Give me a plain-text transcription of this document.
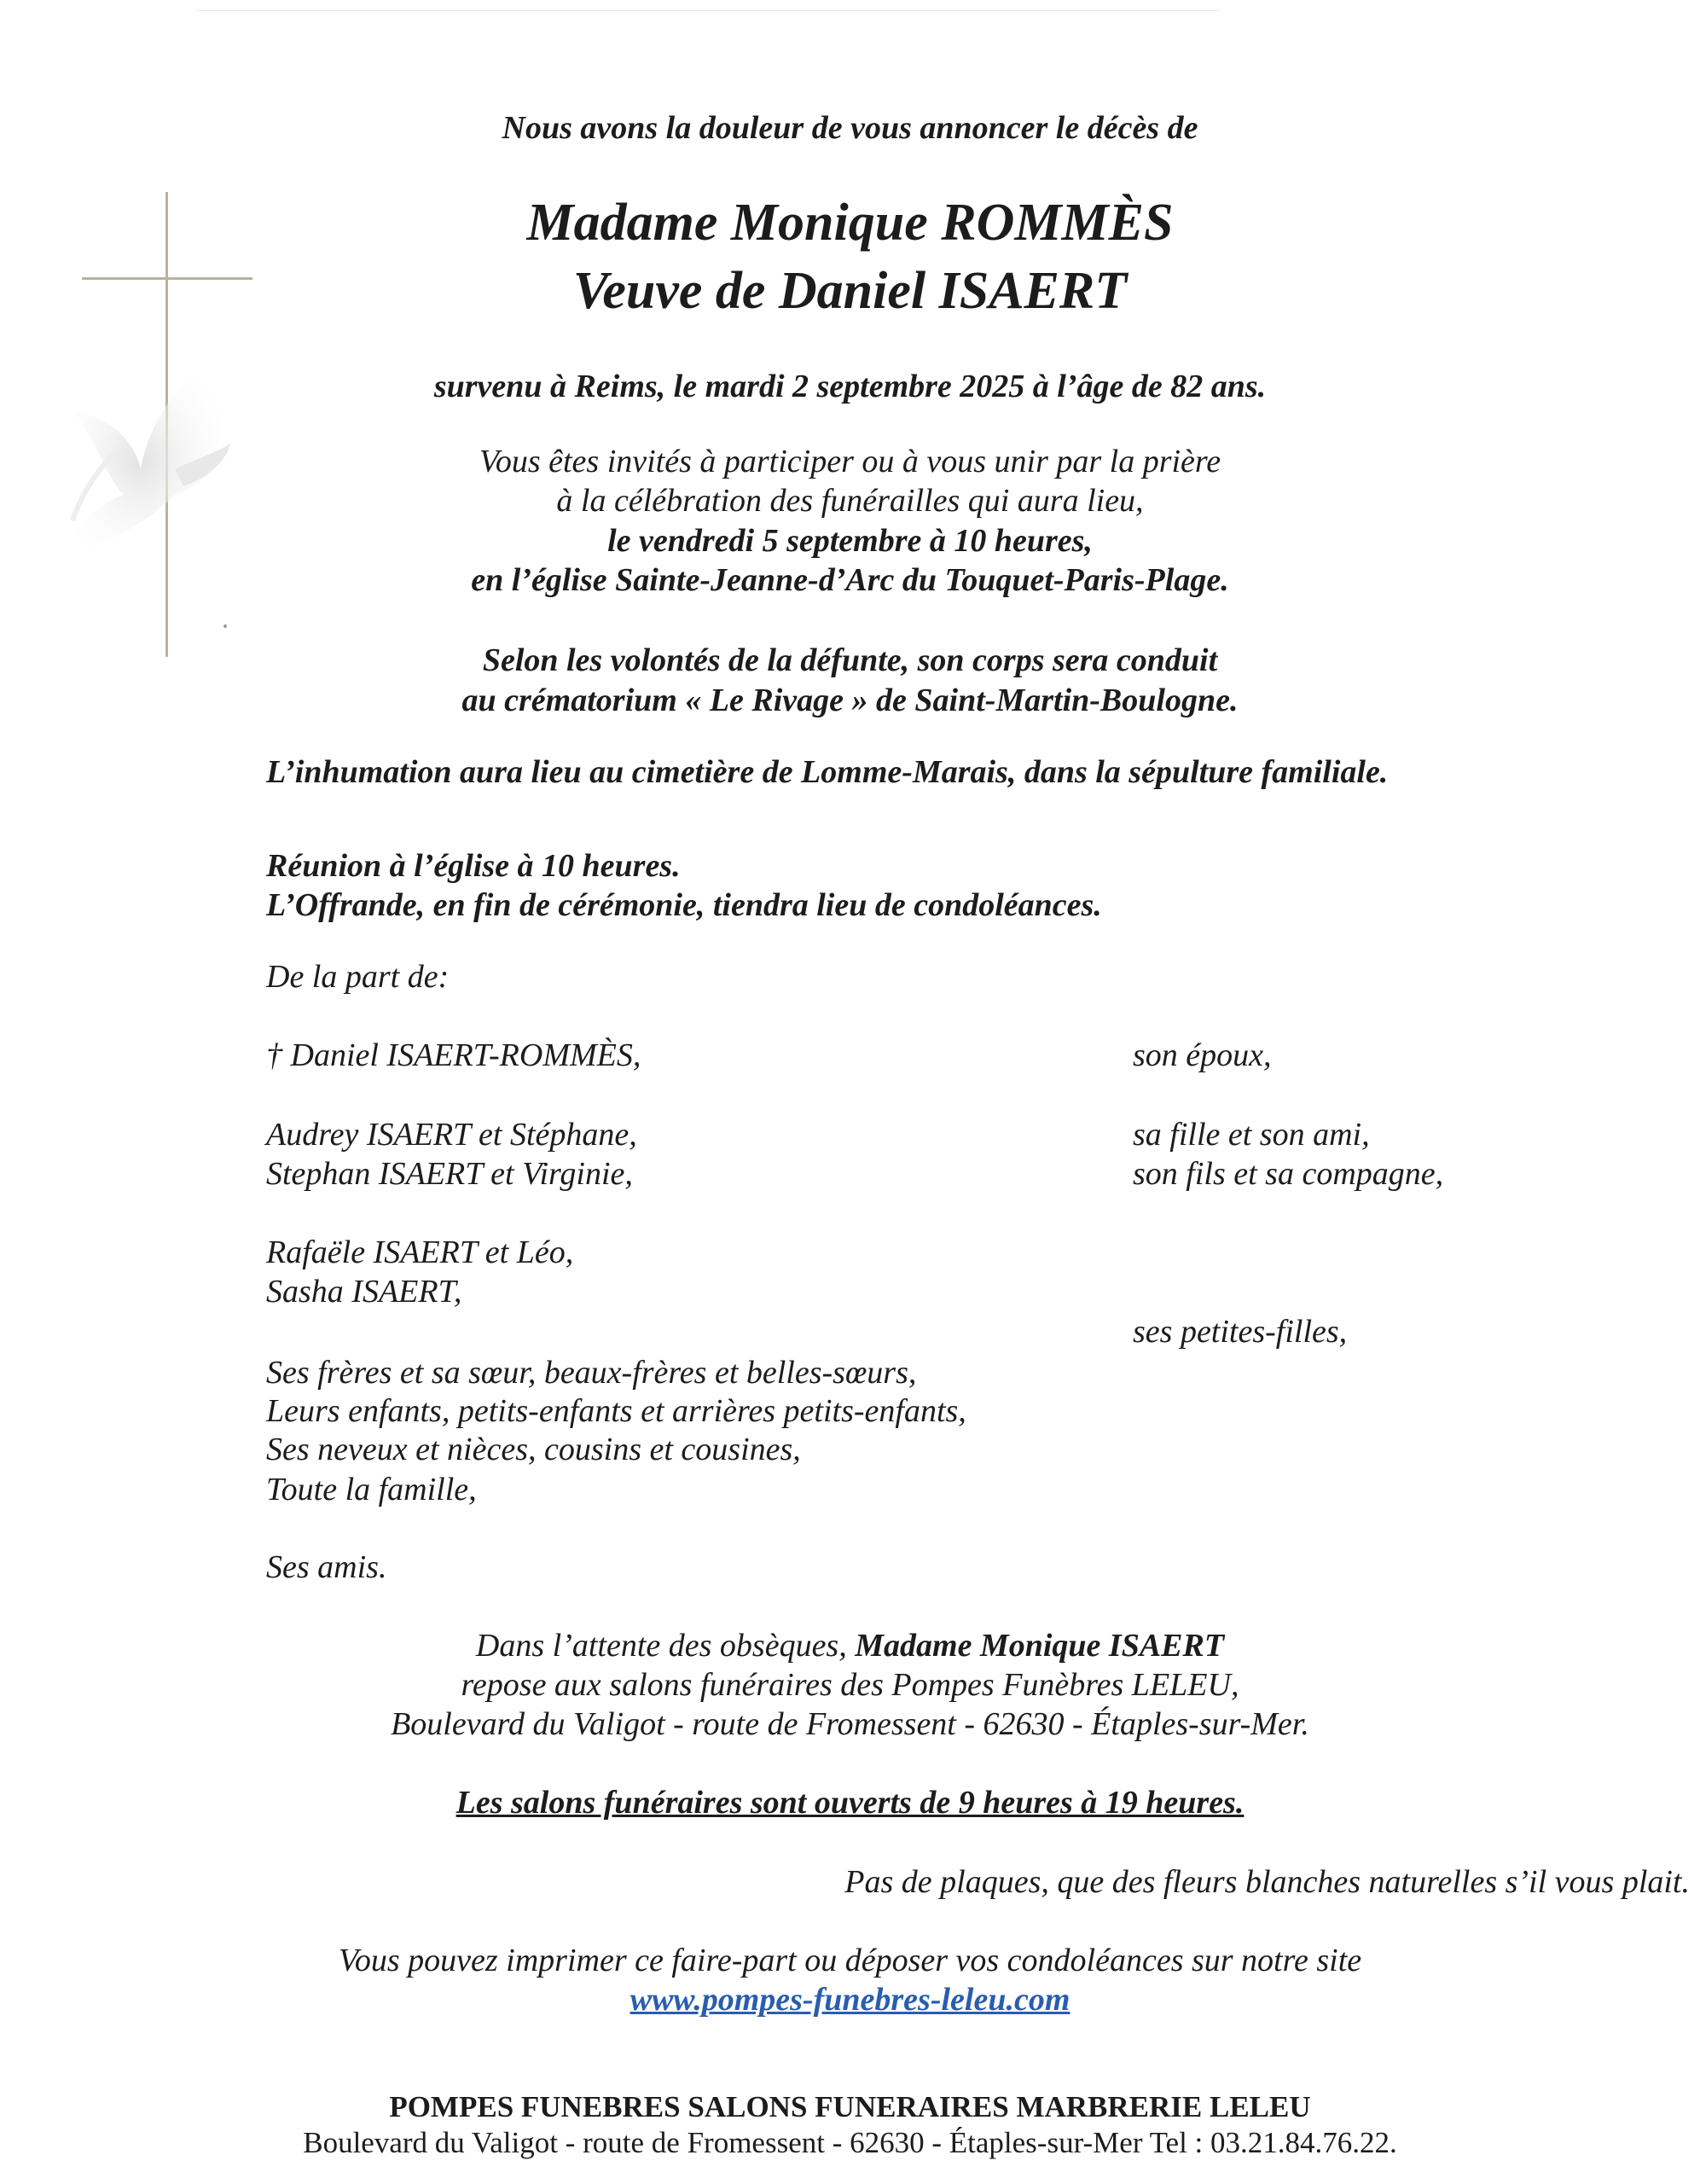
Nous avons la douleur de vous annoncer le décès de
Madame Monique ROMMÈS
Veuve de Daniel ISAERT
survenu à Reims, le mardi 2 septembre 2025 à l’âge de 82 ans.
Vous êtes invités à participer ou à vous unir par la prière
à la célébration des funérailles qui aura lieu,
le vendredi 5 septembre à 10 heures,
en l’église Sainte-Jeanne-d’Arc du Touquet-Paris-Plage.
Selon les volontés de la défunte, son corps sera conduit
au crématorium « Le Rivage » de Saint-Martin-Boulogne.
L’inhumation aura lieu au cimetière de Lomme-Marais, dans la sépulture familiale.
Réunion à l’église à 10 heures.
L’Offrande, en fin de cérémonie, tiendra lieu de condoléances.
De la part de:
† Daniel ISAERT-ROMMÈS,
Audrey ISAERT et Stéphane,
Stephan ISAERT et Virginie,
Rafaële ISAERT et Léo,
Sasha ISAERT,
Ses frères et sa sœur, beaux-frères et belles-sœurs,
Leurs enfants, petits-enfants et arrières petits-enfants,
Ses neveux et nièces, cousins et cousines,
Toute la famille,
Ses amis.
son époux,
sa fille et son ami,
son fils et sa compagne,
ses petites-filles,
Dans l’attente des obsèques, Madame Monique ISAERT
repose aux salons funéraires des Pompes Funèbres LELEU,
Boulevard du Valigot - route de Fromessent - 62630 - Étaples-sur-Mer.
Les salons funéraires sont ouverts de 9 heures à 19 heures.
Pas de plaques, que des fleurs blanches naturelles s’il vous plait.
Vous pouvez imprimer ce faire-part ou déposer vos condoléances sur notre site
www.pompes-funebres-leleu.com
POMPES FUNEBRES SALONS FUNERAIRES MARBRERIE LELEU
Boulevard du Valigot - route de Fromessent - 62630 - Étaples-sur-Mer Tel : 03.21.84.76.22.
